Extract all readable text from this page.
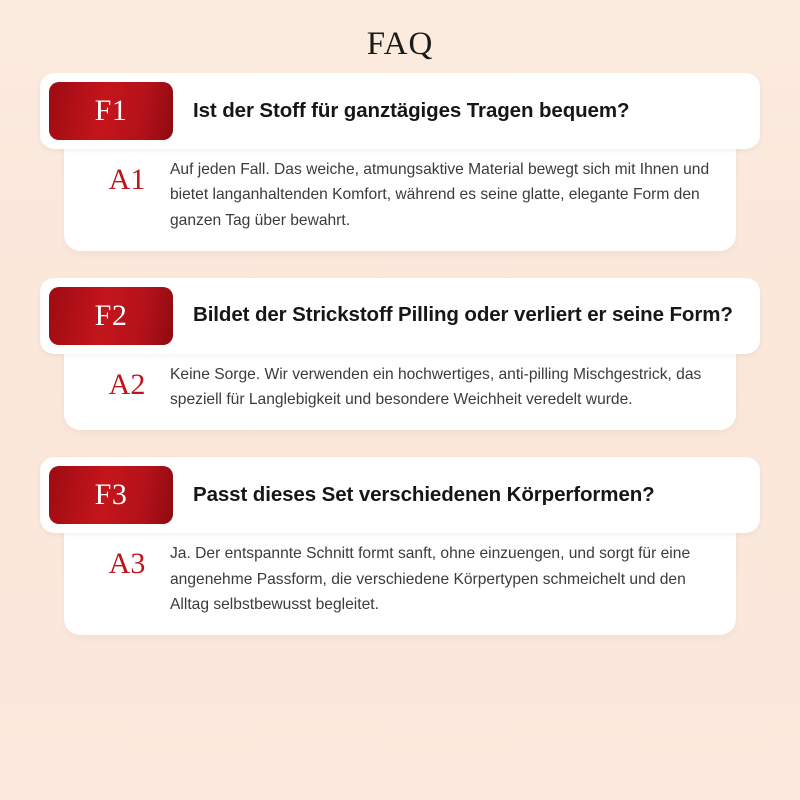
FAQ
F1	Ist der Stoff für ganztägiges Tragen bequem?
A1	Auf jeden Fall. Das weiche, atmungsaktive Material bewegt sich mit Ihnen und bietet langanhaltenden Komfort, während es seine glatte, elegante Form den ganzen Tag über bewahrt.
F2	Bildet der Strickstoff Pilling oder verliert er seine Form?
A2	Keine Sorge. Wir verwenden ein hochwertiges, anti-pilling Mischgestrick, das speziell für Langlebigkeit und besondere Weichheit veredelt wurde.
F3	Passt dieses Set verschiedenen Körperformen?
A3	Ja. Der entspannte Schnitt formt sanft, ohne einzuengen, und sorgt für eine angenehme Passform, die verschiedene Körpertypen schmeichelt und den Alltag selbstbewusst begleitet.
